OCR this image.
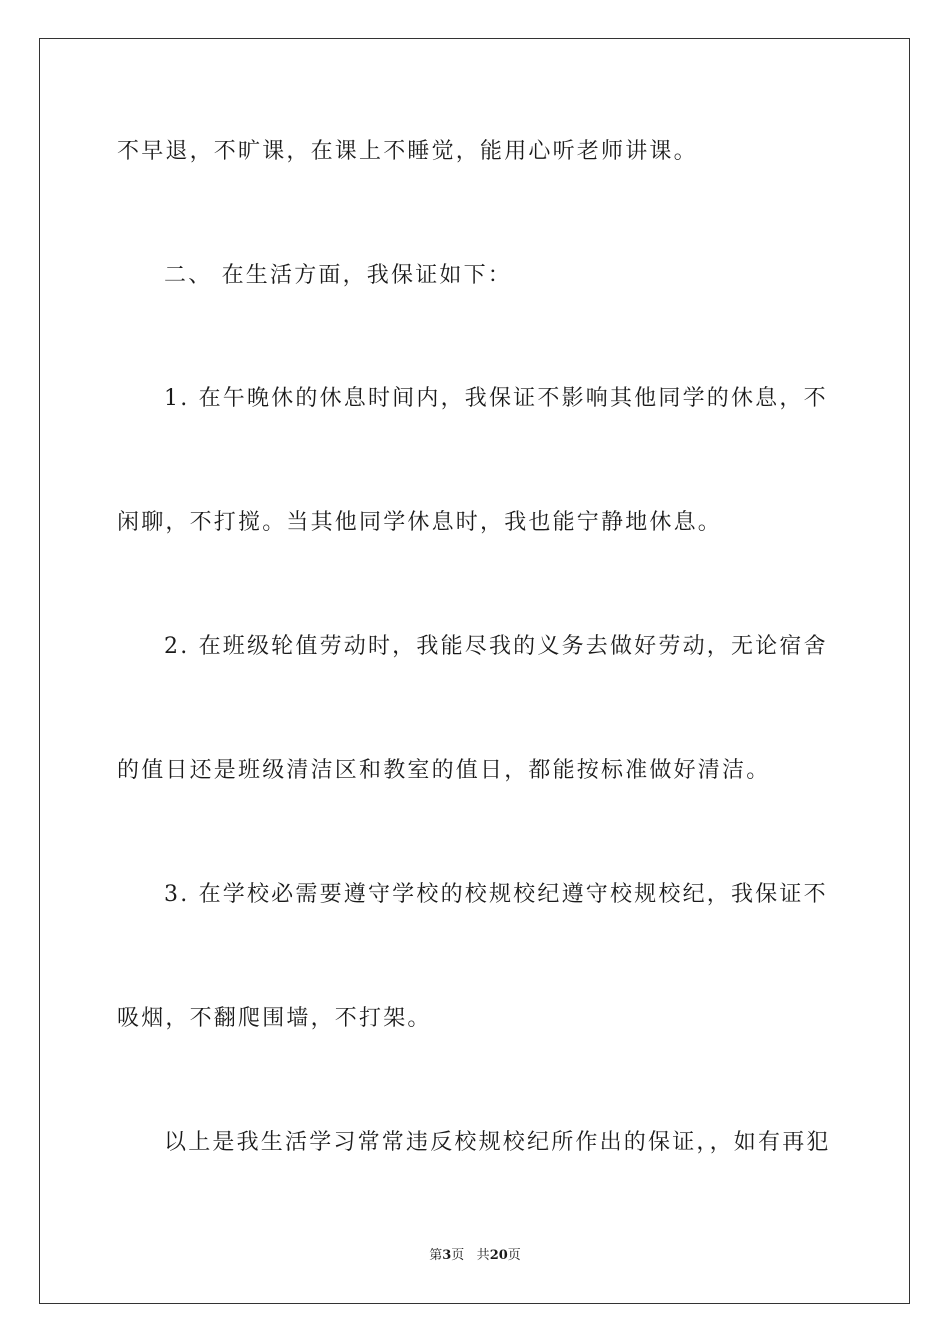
不早退，不旷课，在课上不睡觉，能用心听老师讲课。
二、 在生活方面，我保证如下：
1. 在午晚休的休息时间内，我保证不影响其他同学的休息，不
闲聊，不打搅。当其他同学休息时，我也能宁静地休息。
2. 在班级轮值劳动时，我能尽我的义务去做好劳动，无论宿舍
的值日还是班级清洁区和教室的值日，都能按标准做好清洁。
3. 在学校必需要遵守学校的校规校纪遵守校规校纪，我保证不
吸烟，不翻爬围墙，不打架。
以上是我生活学习常常违反校规校纪所作出的保证，，如有再犯
第3页 共20页
